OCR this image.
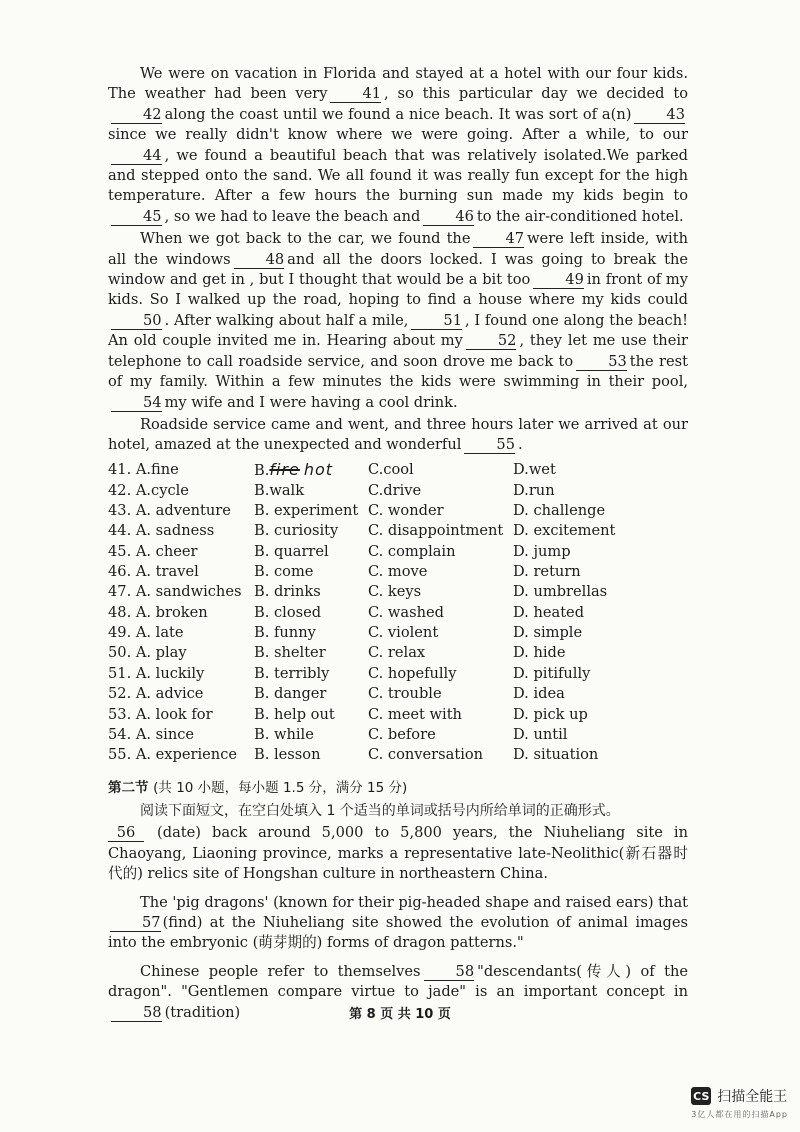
We were on vacation in Florida and stayed at a hotel with our four kids. The weather had been very 41 , so this particular day we decided to42 along the coast until we found a nice beach. It was sort of a(n) 43since we really didn't know where we were going. After a while, to our44 , we found a beautiful beach that was relatively isolated.We parked and stepped onto the sand. We all found it was really fun except for the high temperature. After a few hours the burning sun made my kids begin to45 , so we had to leave the beach and 46 to the air-conditioned hotel.

When we got back to the car, we found the 47 were left inside, with all the windows 48 and all the doors locked. I was going to break the window and get in , but I thought that would be a bit too 49 in front of my kids. So I walked up the road, hoping to find a house where my kids could50 . After walking about half a mile, 51 , I found one along the beach! An old couple invited me in. Hearing about my 52 , they let me use their telephone to call roadside service, and soon drove me back to 53 the rest of my family. Within a few minutes the kids were swimming in their pool,54 my wife and I were having a cool drink.

Roadside service came and went, and three hours later we arrived at our hotel, amazed at the unexpected and wonderful 55 .

41. A.fine	B.fire hot	C.cool	D.wet
42. A.cycle	B.walk	C.drive	D.run
43. A. adventure	B. experiment	C. wonder	D. challenge
44. A. sadness	B. curiosity	C. disappointment	D. excitement
45. A. cheer	B. quarrel	C. complain	D. jump
46. A. travel	B. come	C. move	D. return
47. A. sandwiches	B. drinks	C. keys	D. umbrellas
48. A. broken	B. closed	C. washed	D. heated
49. A. late	B. funny	C. violent	D. simple
50. A. play	B. shelter	C. relax	D. hide
51. A. luckily	B. terribly	C. hopefully	D. pitifully
52. A. advice	B. danger	C. trouble	D. idea
53. A. look for	B. help out	C. meet with	D. pick up
54. A. since	B. while	C. before	D. until
55. A. experience	B. lesson	C. conversation	D. situation
第二节 (共 10 小题，每小题 1.5 分，满分 15 分)

阅读下面短文，在空白处填入 1 个适当的单词或括号内所给单词的正确形式。

56 (date) back around 5,000 to 5,800 years, the Niuheliang site in Chaoyang, Liaoning province, marks a representative late-Neolithic(新石器时代的) relics site of Hongshan culture in northeastern China.

The 'pig dragons' (known for their pig-headed shape and raised ears) that57 (find) at the Niuheliang site showed the evolution of animal images into the embryonic (萌芽期的) forms of dragon patterns."

Chinese people refer to themselves 58 "descendants(传人) of the dragon". "Gentlemen compare virtue to jade" is an important concept in58 (tradition)	第 8 页 共 10 页
CS 扫描全能王
3亿人都在用的扫描App
